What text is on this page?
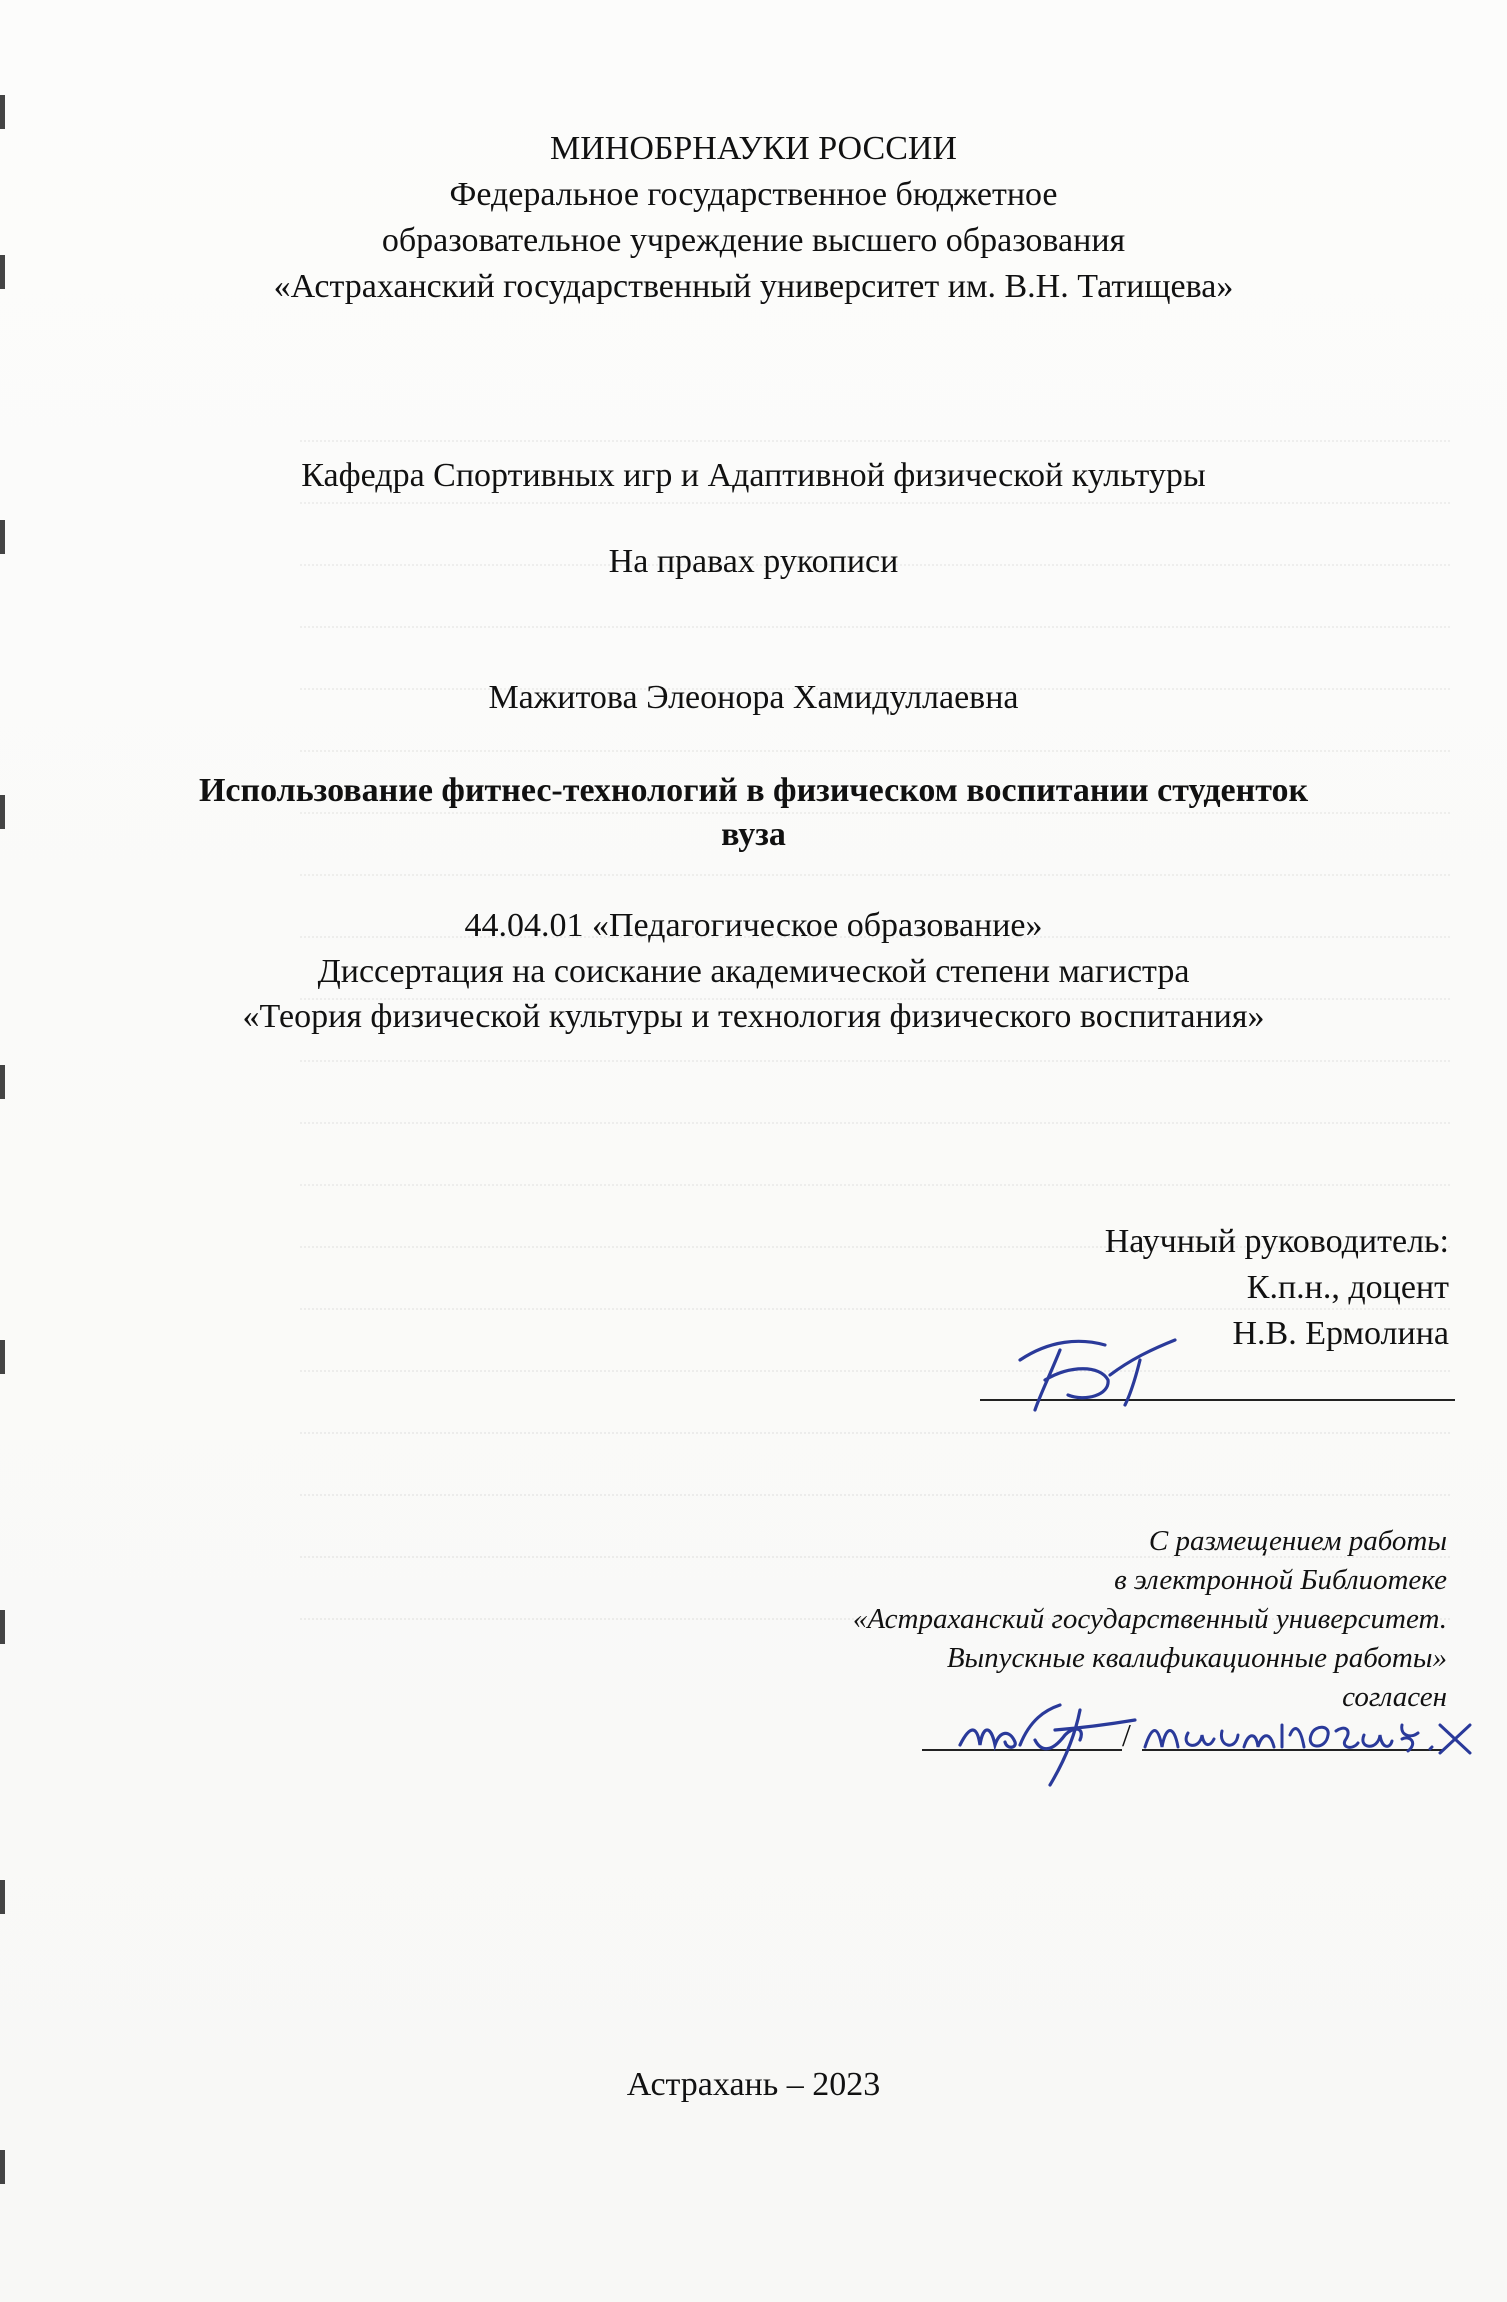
МИНОБРНАУКИ РОССИИ
Федеральное государственное бюджетное
образовательное учреждение высшего образования
«Астраханский государственный университет им. В.Н. Татищева»
Кафедра Спортивных игр и Адаптивной физической культуры
На правах рукописи
Мажитова Элеонора Хамидуллаевна
Использование фитнес-технологий в физическом воспитании студенток
вуза
44.04.01 «Педагогическое образование»
Диссертация на соискание академической степени магистра
«Теория физической культуры и технология физического воспитания»
Научный руководитель:
К.п.н., доцент
Н.В. Ермолина
С размещением работы
в электронной Библиотеке
«Астраханский государственный университет.
Выпускные квалификационные работы»
согласен
/
Астрахань – 2023
